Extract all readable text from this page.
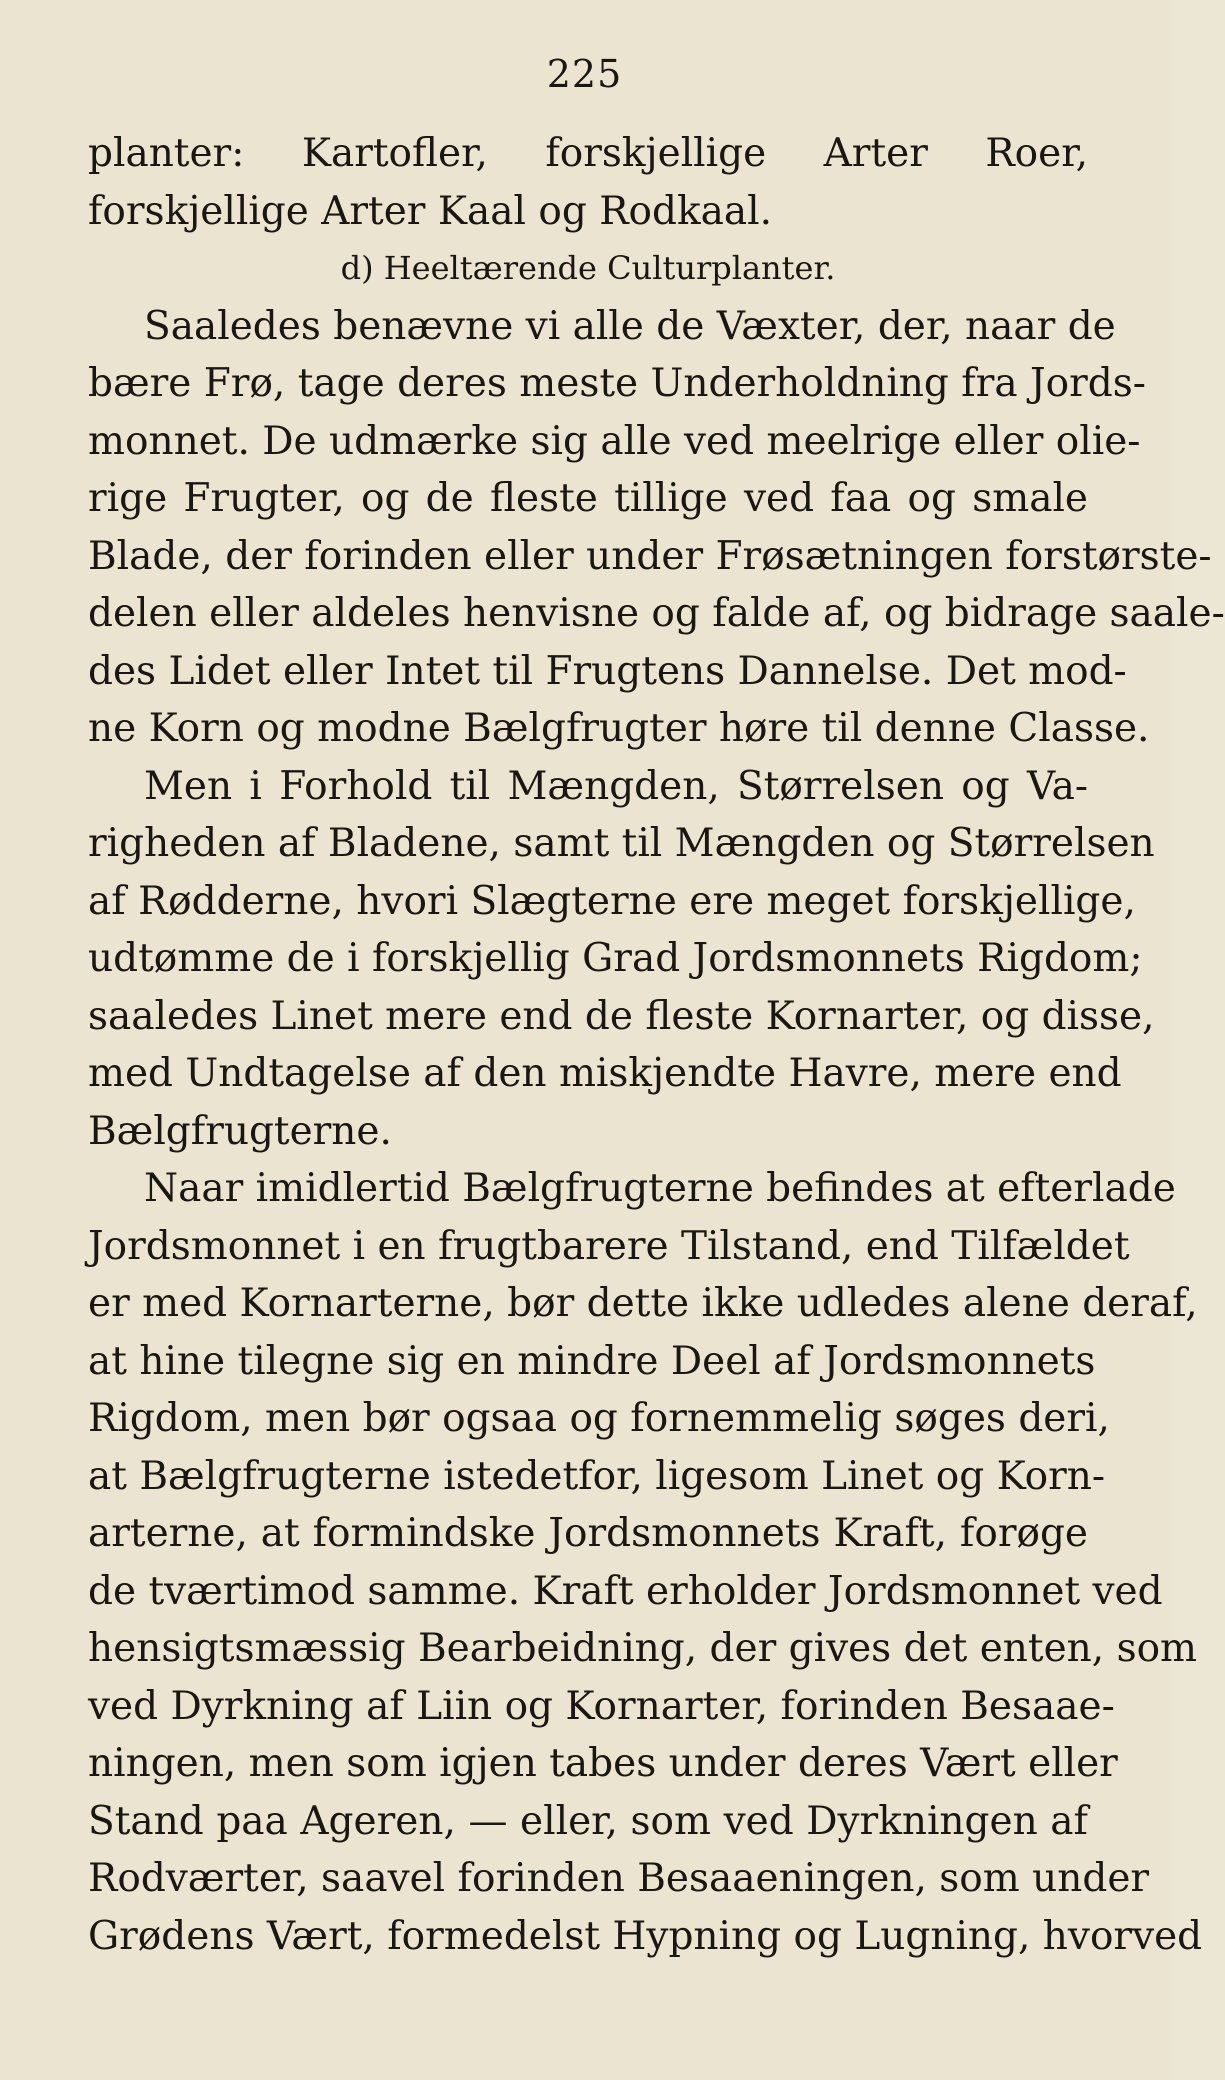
225
planter: Kartofler, forskjellige Arter Roer,
forskjellige Arter Kaal og Rodkaal.
d) Heeltærende Culturplanter.
Saaledes benævne vi alle de Væxter, der, naar de
bære Frø, tage deres meste Underholdning fra Jords-
monnet. De udmærke sig alle ved meelrige eller olie-
rige Frugter, og de fleste tillige ved faa og smale
Blade, der forinden eller under Frøsætningen forstørste-
delen eller aldeles henvisne og falde af, og bidrage saale-
des Lidet eller Intet til Frugtens Dannelse. Det mod-
ne Korn og modne Bælgfrugter høre til denne Classe.
Men i Forhold til Mængden, Størrelsen og Va-
righeden af Bladene, samt til Mængden og Størrelsen
af Rødderne, hvori Slægterne ere meget forskjellige,
udtømme de i forskjellig Grad Jordsmonnets Rigdom;
saaledes Linet mere end de fleste Kornarter, og disse,
med Undtagelse af den miskjendte Havre, mere end
Bælgfrugterne.
Naar imidlertid Bælgfrugterne befindes at efterlade
Jordsmonnet i en frugtbarere Tilstand, end Tilfældet
er med Kornarterne, bør dette ikke udledes alene deraf,
at hine tilegne sig en mindre Deel af Jordsmonnets
Rigdom, men bør ogsaa og fornemmelig søges deri,
at Bælgfrugterne istedetfor, ligesom Linet og Korn-
arterne, at formindske Jordsmonnets Kraft, forøge
de tværtimod samme. Kraft erholder Jordsmonnet ved
hensigtsmæssig Bearbeidning, der gives det enten, som
ved Dyrkning af Liin og Kornarter, forinden Besaae-
ningen, men som igjen tabes under deres Vært eller
Stand paa Ageren, — eller, som ved Dyrkningen af
Rodværter, saavel forinden Besaaeningen, som under
Grødens Vært, formedelst Hypning og Lugning, hvorved
